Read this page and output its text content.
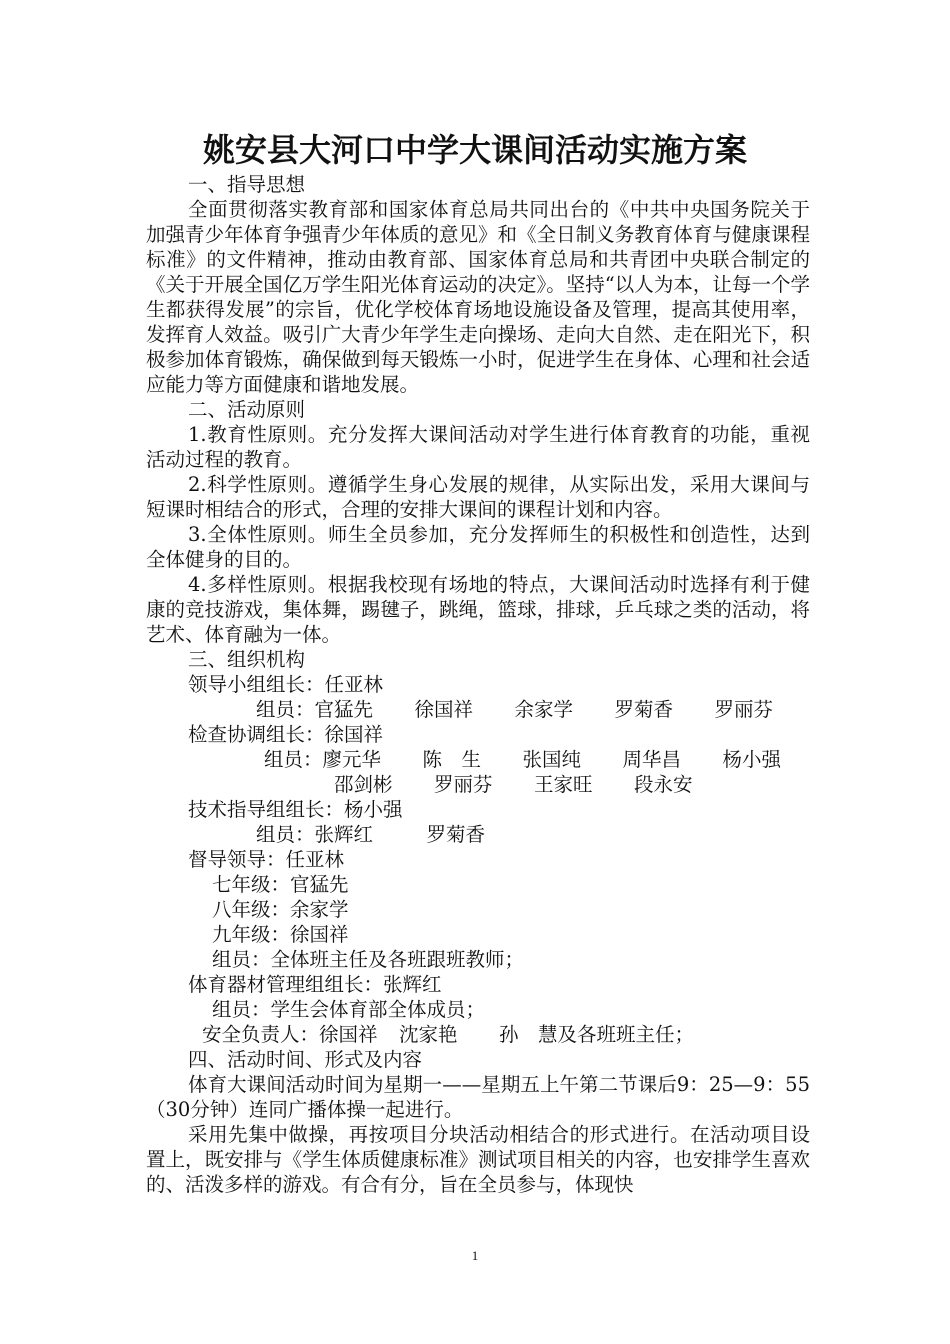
姚安县大河口中学大课间活动实施方案

一、指导思想

全面贯彻落实教育部和国家体育总局共同出台的《中共中央国务院关于加强青少年体育争强青少年体质的意见》和《全日制义务教育体育与健康课程标准》的文件精神，推动由教育部、国家体育总局和共青团中央联合制定的《关于开展全国亿万学生阳光体育运动的决定》。坚持“以人为本，让每一个学生都获得发展”的宗旨，优化学校体育场地设施设备及管理，提高其使用率，发挥育人效益。吸引广大青少年学生走向操场、走向大自然、走在阳光下，积极参加体育锻炼，确保做到每天锻炼一小时，促进学生在身体、心理和社会适应能力等方面健康和谐地发展。

二、活动原则

1.教育性原则。充分发挥大课间活动对学生进行体育教育的功能，重视活动过程的教育。

2.科学性原则。遵循学生身心发展的规律，从实际出发，采用大课间与短课时相结合的形式，合理的安排大课间的课程计划和内容。

3.全体性原则。师生全员参加，充分发挥师生的积极性和创造性，达到全体健身的目的。

4.多样性原则。根据我校现有场地的特点，大课间活动时选择有利于健康的竞技游戏，集体舞，踢毽子，跳绳，篮球，排球，乒乓球之类的活动，将艺术、体育融为一体。

三、组织机构

领导小组组长：任亚林

组员：官猛先 徐国祥 余家学 罗菊香 罗丽芬

检查协调组长：徐国祥

组员：廖元华 陈　生 张国纯 周华昌 杨小强
邵剑彬 罗丽芬 王家旺 段永安

技术指导组组长：杨小强

组员：张辉红	罗菊香

督导领导：任亚林

七年级：官猛先

八年级：余家学

九年级：徐国祥

组员：全体班主任及各班跟班教师；

体育器材管理组组长：张辉红

组员：学生会体育部全体成员；

安全负责人：徐国祥 沈家艳 孙　慧及各班班主任；

四、活动时间、形式及内容

体育大课间活动时间为星期一——星期五上午第二节课后9：25—9：55（30分钟）连同广播体操一起进行。

采用先集中做操，再按项目分块活动相结合的形式进行。在活动项目设置上，既安排与《学生体质健康标准》测试项目相关的内容，也安排学生喜欢的、活泼多样的游戏。有合有分，旨在全员参与，体现快

1
